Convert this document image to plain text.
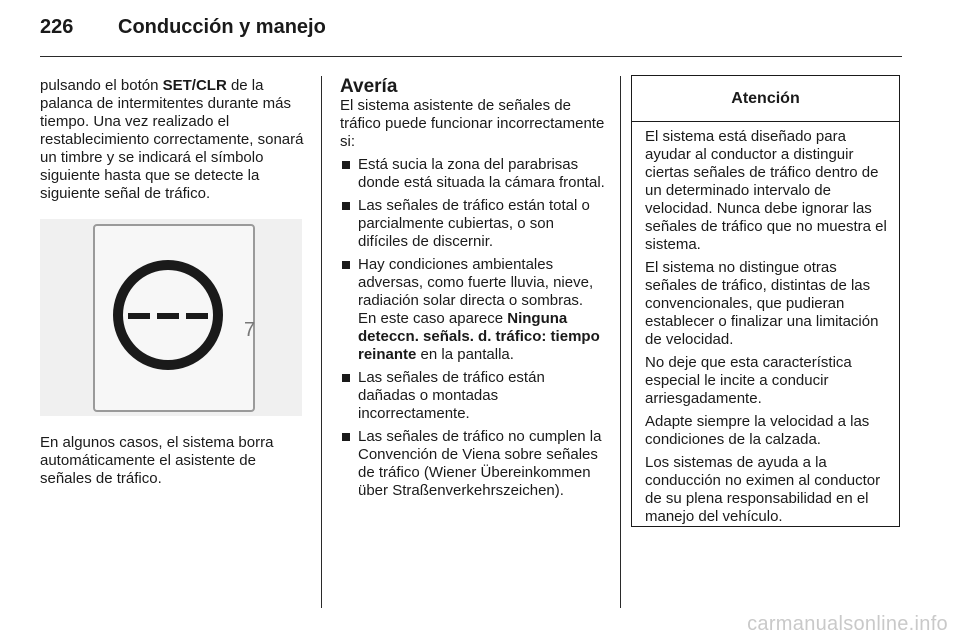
226 Conducción y manejo

pulsando el botón SET/CLR de la palanca de intermitentes durante más tiempo. Una vez realizado el restablecimiento correctamente, sonará un timbre y se indicará el símbolo siguiente hasta que se detecte la siguiente señal de tráfico.

7

En algunos casos, el sistema borra automáticamente el asistente de señales de tráfico.

Avería

El sistema asistente de señales de tráfico puede funcionar incorrectamente si:

Está sucia la zona del parabrisas donde está situada la cámara frontal.
Las señales de tráfico están total o parcialmente cubiertas, o son difíciles de discernir.
Hay condiciones ambientales adversas, como fuerte lluvia, nieve, radiación solar directa o sombras. En este caso aparece Ninguna deteccn. señals. d. tráfico: tiempo reinante en la pantalla.
Las señales de tráfico están dañadas o montadas incorrectamente.
Las señales de tráfico no cumplen la Convención de Viena sobre señales de tráfico (Wiener Übereinkommen über Straßenverkehrszeichen).
Atención

El sistema está diseñado para ayudar al conductor a distinguir ciertas señales de tráfico dentro de un determinado intervalo de velocidad. Nunca debe ignorar las señales de tráfico que no muestra el sistema.

El sistema no distingue otras señales de tráfico, distintas de las convencionales, que pudieran establecer o finalizar una limitación de velocidad.

No deje que esta característica especial le incite a conducir arriesgadamente.

Adapte siempre la velocidad a las condiciones de la calzada.

Los sistemas de ayuda a la conducción no eximen al conductor de su plena responsabilidad en el manejo del vehículo.

carmanualsonline.info
